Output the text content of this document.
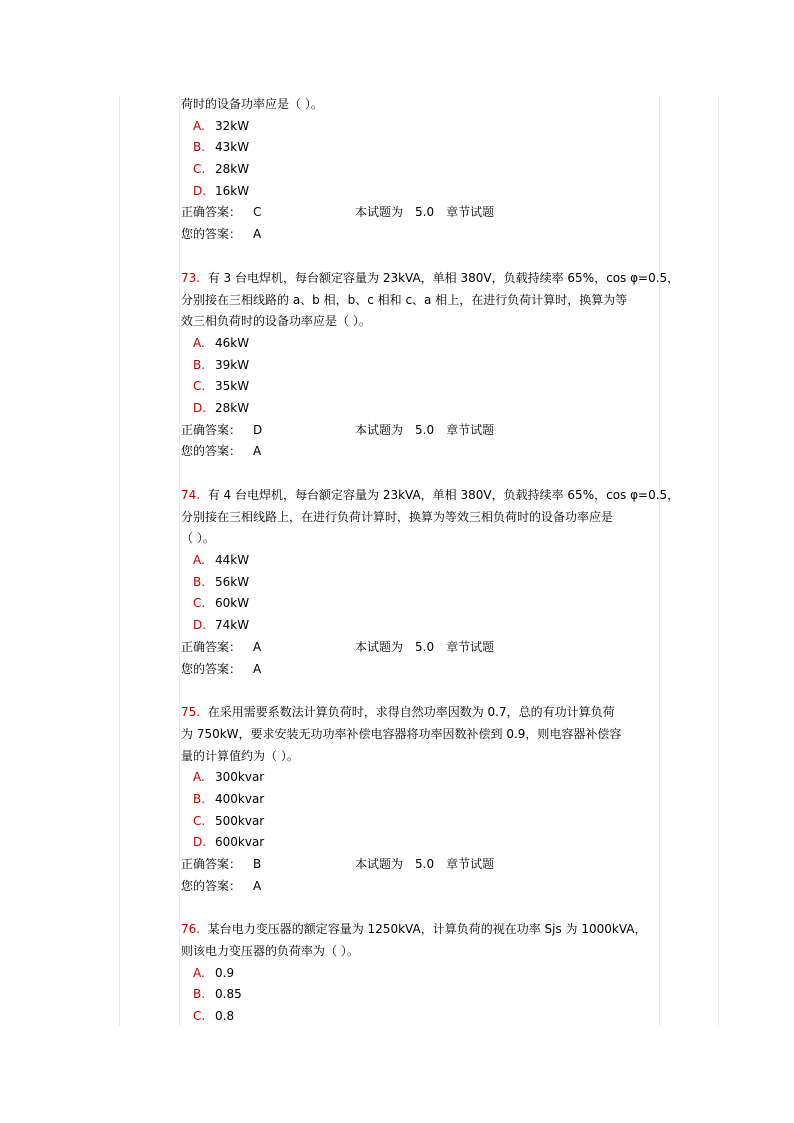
荷时的设备功率应是（ ）。
A. 32kW
B. 43kW
C. 28kW
D. 16kW
正确答案： C	本试题为 5.0 章节试题
您的答案： A
73. 有 3 台电焊机，每台额定容量为 23kVA，单相 380V，负载持续率 65%，cos φ=0.5，
分别接在三相线路的 a、b 相，b、c 相和 c、a 相上，在进行负荷计算时，换算为等
效三相负荷时的设备功率应是（ ）。
A. 46kW
B. 39kW
C. 35kW
D. 28kW
正确答案： D	本试题为 5.0 章节试题
您的答案： A
74. 有 4 台电焊机，每台额定容量为 23kVA，单相 380V，负载持续率 65%，cos φ=0.5，
分别接在三相线路上，在进行负荷计算时，换算为等效三相负荷时的设备功率应是
（ ）。
A. 44kW
B. 56kW
C. 60kW
D. 74kW
正确答案： A	本试题为 5.0 章节试题
您的答案： A
75. 在采用需要系数法计算负荷时，求得自然功率因数为 0.7，总的有功计算负荷
为 750kW，要求安装无功功率补偿电容器将功率因数补偿到 0.9，则电容器补偿容
量的计算值约为（ ）。
A. 300kvar
B. 400kvar
C. 500kvar
D. 600kvar
正确答案： B	本试题为 5.0 章节试题
您的答案： A
76. 某台电力变压器的额定容量为 1250kVA，计算负荷的视在功率 Sjs 为 1000kVA，
则该电力变压器的负荷率为（ ）。
A. 0.9
B. 0.85
C. 0.8
